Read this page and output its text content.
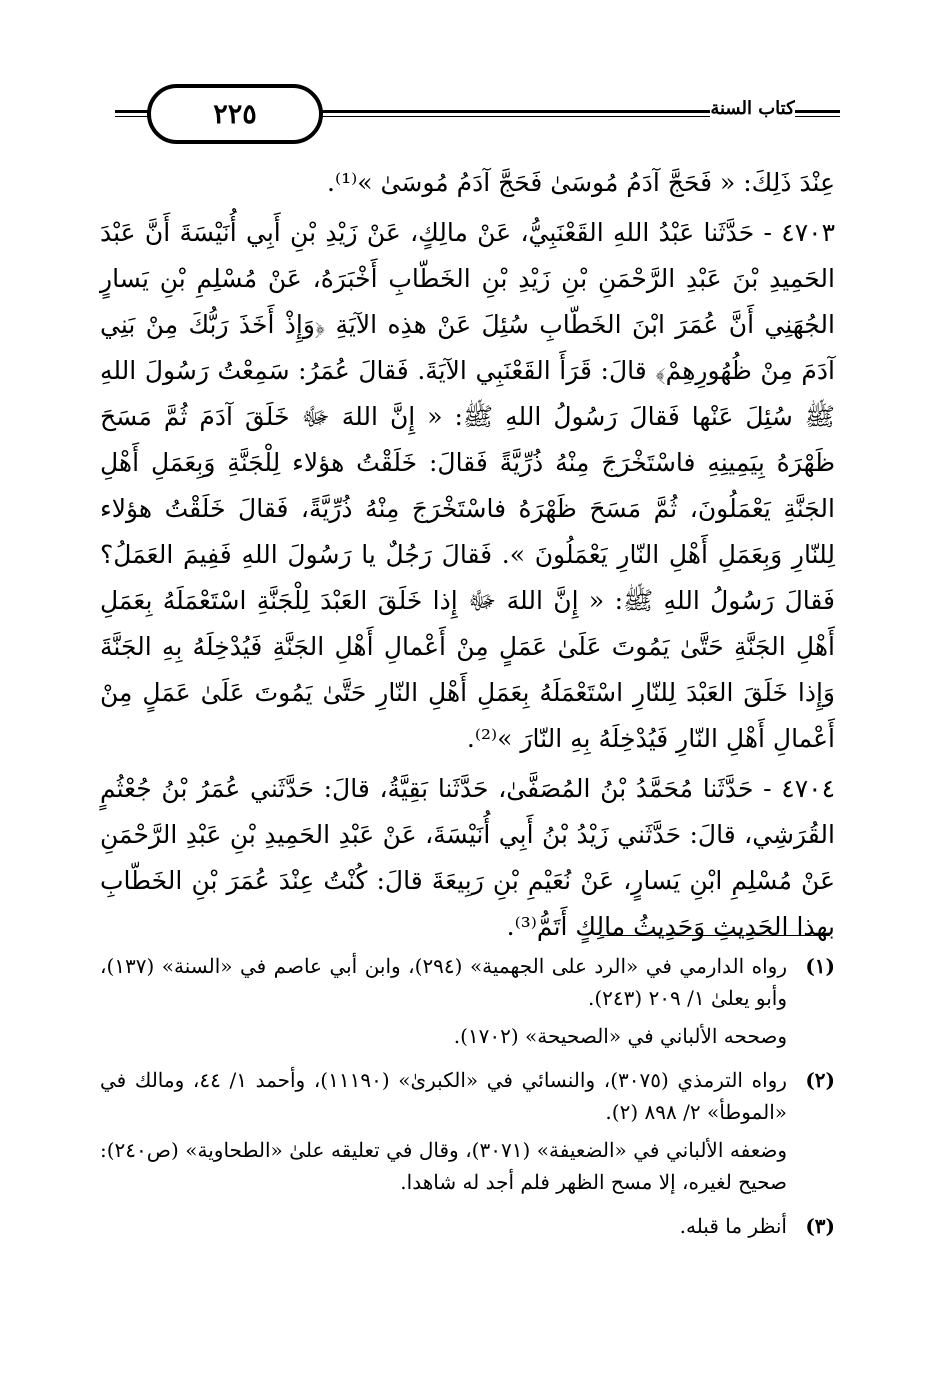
٢٢٥	كتاب السنة

عِنْدَ ذَلِكَ: « فَحَجَّ آدَمُ مُوسَىٰ فَحَجَّ آدَمُ مُوسَىٰ »⁽¹⁾.

٤٧٠٣ - حَدَّثَنا عَبْدُ اللهِ القَعْنَبِيُّ، عَنْ مالِكٍ، عَنْ زَيْدِ بْنِ أَبِي أُنَيْسَةَ أَنَّ عَبْدَ الحَمِيدِ بْنَ عَبْدِ الرَّحْمَنِ بْنِ زَيْدِ بْنِ الخَطّابِ أَخْبَرَهُ، عَنْ مُسْلِمِ بْنِ يَسارٍ الجُهَنِي أَنَّ عُمَرَ ابْنَ الخَطّابِ سُئِلَ عَنْ هذِه الآيَةِ ﴿وَإِذْ أَخَذَ رَبُّكَ مِنْ بَنِي آدَمَ مِنْ ظُهُورِهِمْ﴾ قالَ: قَرَأَ القَعْنَبِي الآيَةَ. فَقالَ عُمَرُ: سَمِعْتُ رَسُولَ اللهِ ﷺ سُئِلَ عَنْها فَقالَ رَسُولُ اللهِ ﷺ: « إِنَّ اللهَ ﷻ خَلَقَ آدَمَ ثُمَّ مَسَحَ ظَهْرَهُ بِيَمِينِهِ فاسْتَخْرَجَ مِنْهُ ذُرِّيَّةً فَقالَ: خَلَقْتُ هؤلاء لِلْجَنَّةِ وَبِعَمَلِ أَهْلِ الجَنَّةِ يَعْمَلُونَ، ثُمَّ مَسَحَ ظَهْرَهُ فاسْتَخْرَجَ مِنْهُ ذُرِّيَّةً، فَقالَ خَلَقْتُ هؤلاء لِلنّارِ وَبِعَمَلِ أَهْلِ النّارِ يَعْمَلُونَ ». فَقالَ رَجُلٌ يا رَسُولَ اللهِ فَفِيمَ العَمَلُ؟ فَقالَ رَسُولُ اللهِ ﷺ: « إِنَّ اللهَ ﷻ إِذا خَلَقَ العَبْدَ لِلْجَنَّةِ اسْتَعْمَلَهُ بِعَمَلِ أَهْلِ الجَنَّةِ حَتَّىٰ يَمُوتَ عَلَىٰ عَمَلٍ مِنْ أَعْمالِ أَهْلِ الجَنَّةِ فَيُدْخِلَهُ بِهِ الجَنَّةَ وَإِذا خَلَقَ العَبْدَ لِلنّارِ اسْتَعْمَلَهُ بِعَمَلِ أَهْلِ النّارِ حَتَّىٰ يَمُوتَ عَلَىٰ عَمَلٍ مِنْ أَعْمالِ أَهْلِ النّارِ فَيُدْخِلَهُ بِهِ النّارَ »⁽²⁾.

٤٧٠٤ - حَدَّثَنا مُحَمَّدُ بْنُ المُصَفَّىٰ، حَدَّثَنا بَقِيَّةُ، قالَ: حَدَّثَني عُمَرُ بْنُ جُعْثُمٍ القُرَشِي، قالَ: حَدَّثَني زَيْدُ بْنُ أَبِي أُنَيْسَةَ، عَنْ عَبْدِ الحَمِيدِ بْنِ عَبْدِ الرَّحْمَنِ عَنْ مُسْلِمِ ابْنِ يَسارٍ، عَنْ نُعَيْمِ بْنِ رَبِيعَةَ قالَ: كُنْتُ عِنْدَ عُمَرَ بْنِ الخَطّابِ بهذا الحَدِيثِ وَحَدِيثُ مالِكٍ أَتَمُّ⁽³⁾.

(١)
رواه الدارمي في «الرد على الجهمية» (٢٩٤)، وابن أبي عاصم في «السنة» (١٣٧)، وأبو يعلىٰ ١/ ٢٠٩ (٢٤٣).
وصححه الألباني في «الصحيحة» (١٧٠٢).
(٢)
رواه الترمذي (٣٠٧٥)، والنسائي في «الكبرىٰ» (١١١٩٠)، وأحمد ١/ ٤٤، ومالك في «الموطأ» ٢/ ٨٩٨ (٢).
وضعفه الألباني في «الضعيفة» (٣٠٧١)، وقال في تعليقه علىٰ «الطحاوية» (ص٢٤٠): صحيح لغيره، إلا مسح الظهر فلم أجد له شاهدا.
(٣)
أنظر ما قبله.
